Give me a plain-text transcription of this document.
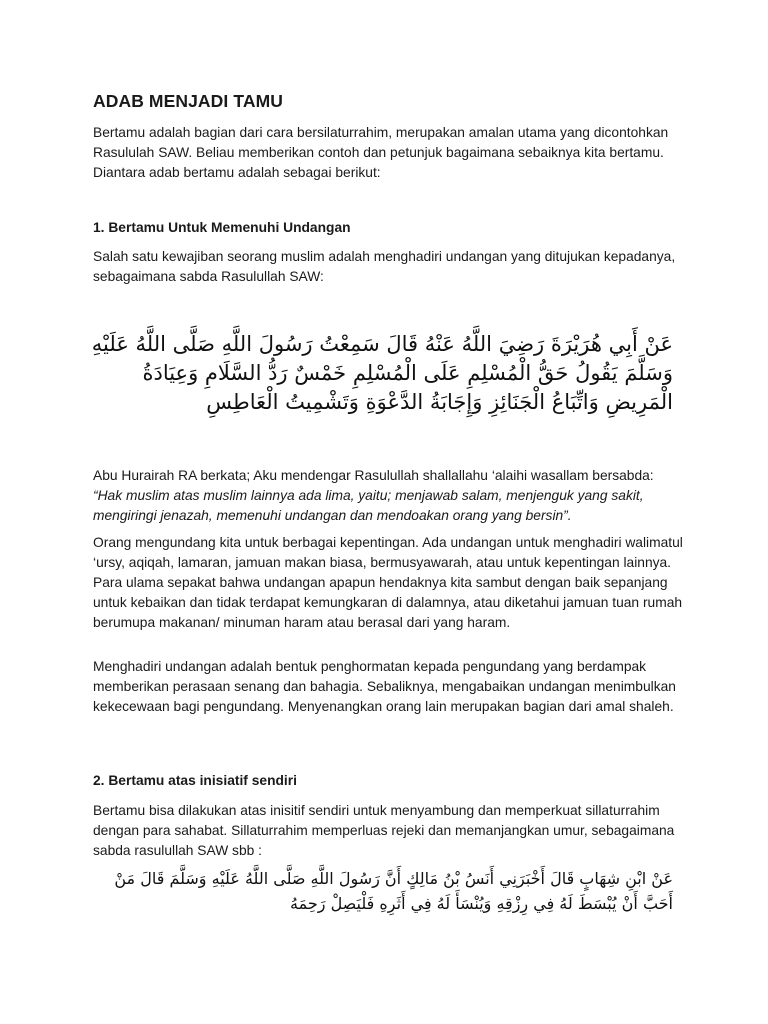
ADAB MENJADI TAMU

Bertamu adalah bagian dari cara bersilaturrahim, merupakan amalan utama yang dicontohkan Rasululah SAW. Beliau memberikan contoh dan petunjuk bagaimana sebaiknya kita bertamu. Diantara adab bertamu adalah sebagai berikut:

1. Bertamu Untuk Memenuhi Undangan

Salah satu kewajiban seorang muslim adalah menghadiri undangan yang ditujukan kepadanya, sebagaimana sabda Rasulullah SAW:

عَنْ أَبِي هُرَيْرَةَ رَضِيَ اللَّهُ عَنْهُ قَالَ سَمِعْتُ رَسُولَ اللَّهِ صَلَّى اللَّهُ عَلَيْهِ وَسَلَّمَ يَقُولُ حَقُّ الْمُسْلِمِ عَلَى الْمُسْلِمِ خَمْسٌ رَدُّ السَّلَامِ وَعِيَادَةُ الْمَرِيضِ وَاتِّبَاعُ الْجَنَائِزِ وَإِجَابَةُ الدَّعْوَةِ وَتَشْمِيتُ الْعَاطِسِ

Abu Hurairah RA berkata; Aku mendengar Rasulullah shallallahu ‘alaihi wasallam bersabda:
“Hak muslim atas muslim lainnya ada lima, yaitu; menjawab salam, menjenguk yang sakit, mengiringi jenazah, memenuhi undangan dan mendoakan orang yang bersin”.

Orang mengundang kita untuk berbagai kepentingan. Ada undangan untuk menghadiri walimatul ‘ursy, aqiqah, lamaran, jamuan makan biasa, bermusyawarah, atau untuk kepentingan lainnya. Para ulama sepakat bahwa undangan apapun hendaknya kita sambut dengan baik sepanjang untuk kebaikan dan tidak terdapat kemungkaran di dalamnya, atau diketahui jamuan tuan rumah berumupa makanan/ minuman haram atau berasal dari yang haram.

Menghadiri undangan adalah bentuk penghormatan kepada pengundang yang berdampak memberikan perasaan senang dan bahagia. Sebaliknya, mengabaikan undangan menimbulkan kekecewaan bagi pengundang. Menyenangkan orang lain merupakan bagian dari amal shaleh.

2. Bertamu atas inisiatif sendiri

Bertamu bisa dilakukan atas inisitif sendiri untuk menyambung dan memperkuat sillaturrahim dengan para sahabat. Sillaturrahim memperluas rejeki dan memanjangkan umur, sebagaimana sabda rasulullah SAW sbb :

عَنْ ابْنِ شِهَابٍ قَالَ أَخْبَرَنِي أَنَسُ بْنُ مَالِكٍ أَنَّ رَسُولَ اللَّهِ صَلَّى اللَّهُ عَلَيْهِ وَسَلَّمَ قَالَ مَنْ أَحَبَّ أَنْ يُبْسَطَ لَهُ فِي رِزْقِهِ وَيُنْسَأَ لَهُ فِي أَثَرِهِ فَلْيَصِلْ رَحِمَهُ
